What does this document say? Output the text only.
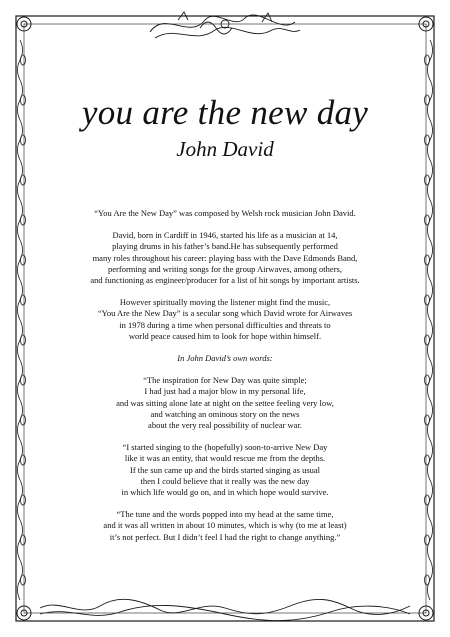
you are the new day
John David
“You Are the New Day” was composed by Welsh rock musician John David.
David, born in Cardiff in 1946, started his life as a musician at 14,
playing drums in his father’s band.He has subsequently performed
many roles throughout his career: playing bass with the Dave Edmonds Band,
performing and writing songs for the group Airwaves, among others,
and functioning as engineer/producer for a list of hit songs by important artists.
However spiritually moving the listener might find the music,
“You Are the New Day” is a secular song which David wrote for Airwaves
in 1978 during a time when personal difficulties and threats to
world peace caused him to look for hope within himself.
In John David’s own words:
“The inspiration for New Day was quite simple;
I had just had a major blow in my personal life,
and was sitting alone late at night on the settee feeling very low,
and watching an ominous story on the news
about the very real possibility of nuclear war.
“I started singing to the (hopefully) soon-to-arrive New Day
like it was an entity, that would rescue me from the depths.
If the sun came up and the birds started singing as usual
then I could believe that it really was the new day
in which life would go on, and in which hope would survive.
“The tune and the words popped into my head at the same time,
and it was all written in about 10 minutes, which is why (to me at least)
it’s not perfect. But I didn’t feel I had the right to change anything.”
